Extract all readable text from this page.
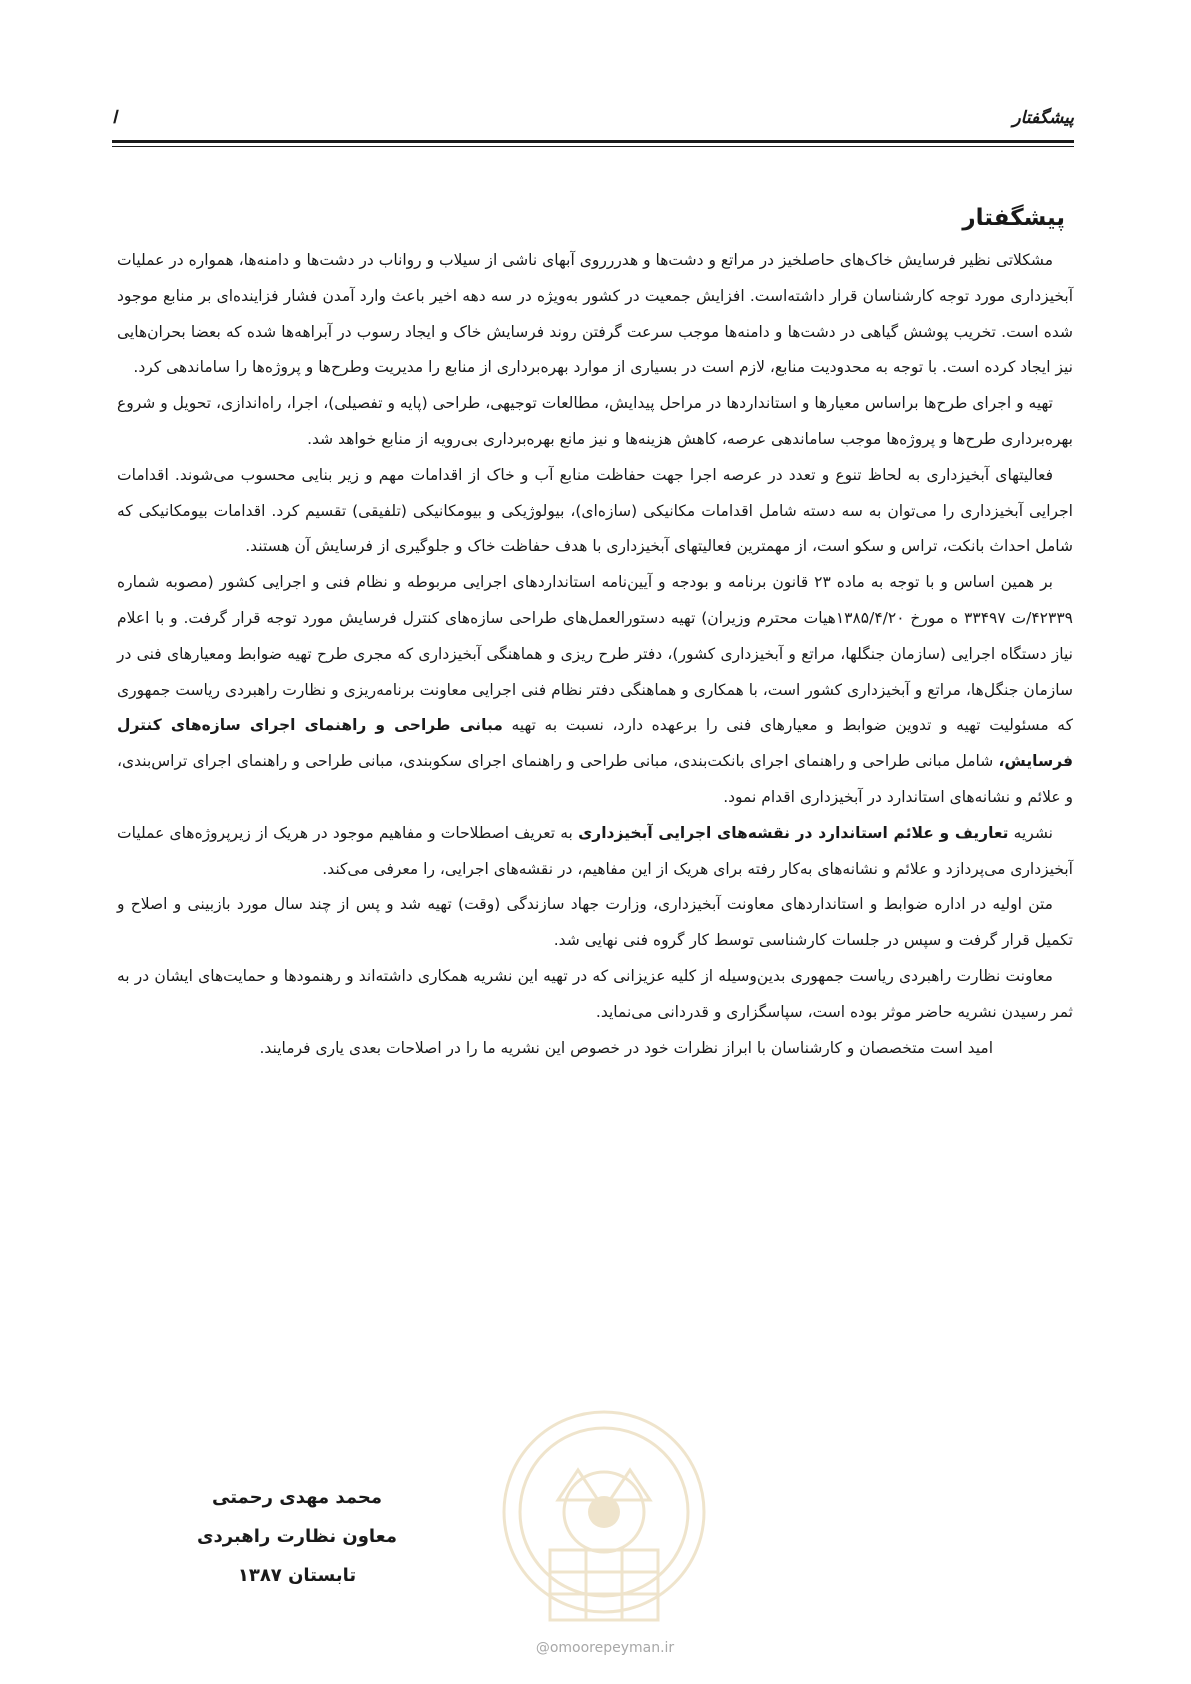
پیشگفتار
ا
پیشگفتار

مشکلاتی نظیر فرسایش خاک‌های حاصلخیز در مراتع و دشت‌ها و هدررروی آبهای ناشی از سیلاب و رواناب در دشت‌ها و دامنه‌ها، همواره در عملیات آبخیزداری مورد توجه کارشناسان قرار داشته‌است. افزایش جمعیت در کشور به‌ویژه در سه دهه اخیر باعث وارد آمدن فشار فزاینده‌ای بر منابع موجود شده است. تخریب پوشش گیاهی در دشت‌ها و دامنه‌ها موجب سرعت گرفتن روند فرسایش خاک و ایجاد رسوب در آبراهه‌ها شده که بعضا بحران‌هایی نیز ایجاد کرده است. با توجه به محدودیت منابع، لازم است در بسیاری از موارد بهره‌برداری از منابع را مدیریت وطرح‌ها و پروژه‌ها را ساماندهی کرد.

تهیه و اجرای طرح‌ها براساس معیارها و استانداردها در مراحل پیدایش، مطالعات توجیهی، طراحی (پایه و تفصیلی)، اجرا، راه‌اندازی، تحویل و شروع بهره‌برداری طرح‌ها و پروژه‌ها موجب ساماندهی عرصه، کاهش هزینه‌ها و نیز مانع بهره‌برداری بی‌رویه از منابع خواهد شد.

فعالیتهای آبخیزداری به لحاظ تنوع و تعدد در عرصه اجرا جهت حفاظت منابع آب و خاک از اقدامات مهم و زیر بنایی محسوب می‌شوند. اقدامات اجرایی آبخیزداری را می‌توان به سه دسته شامل اقدامات مکانیکی (سازه‌ای)، بیولوژیکی و بیومکانیکی (تلفیقی) تقسیم کرد. اقدامات بیومکانیکی که شامل احداث بانکت، تراس و سکو است، از مهمترین فعالیتهای آبخیزداری با هدف حفاظت خاک و جلوگیری از فرسایش آن هستند.

بر همین اساس و با توجه به ماده ۲۳ قانون برنامه و بودجه و آیین‌نامه استانداردهای اجرایی مربوطه و نظام فنی و اجرایی کشور (مصوبه شماره ۴۲۳۳۹/ت ۳۳۴۹۷ ه مورخ ۱۳۸۵/۴/۲۰هیات محترم وزیران) تهیه دستورالعمل‌های طراحی سازه‌های کنترل فرسایش مورد توجه قرار گرفت. و با اعلام نیاز دستگاه اجرایی (سازمان جنگلها، مراتع و آبخیزداری کشور)، دفتر طرح ریزی و هماهنگی آبخیزداری که مجری طرح تهیه ضوابط ومعیارهای فنی در سازمان جنگل‌ها، مراتع و آبخیزداری کشور است، با همکاری و هماهنگی دفتر نظام فنی اجرایی معاونت برنامه‌ریزی و نظارت راهبردی ریاست جمهوری که مسئولیت تهیه و تدوین ضوابط و معیارهای فنی را برعهده دارد، نسبت به تهیه مبانی طراحی و راهنمای اجرای سازه‌های کنترل فرسایش، شامل مبانی طراحی و راهنمای اجرای بانکت‌بندی، مبانی طراحی و راهنمای اجرای سکوبندی، مبانی طراحی و راهنمای اجرای تراس‌بندی، و علائم و نشانه‌های استاندارد در آبخیزداری اقدام نمود.

نشریه تعاریف و علائم استاندارد در نقشه‌های اجرایی آبخیزداری به تعریف اصطلاحات و مفاهیم موجود در هریک از زیرپروژه‌های عملیات آبخیزداری می‌پردازد و علائم و نشانه‌های به‌کار رفته برای هریک از این مفاهیم، در نقشه‌های اجرایی، را معرفی می‌کند.

متن اولیه در اداره ضوابط و استانداردهای معاونت آبخیزداری، وزارت جهاد سازندگی (وقت) تهیه شد و پس از چند سال مورد بازبینی و اصلاح و تکمیل قرار گرفت و سپس در جلسات کارشناسی توسط کار گروه فنی نهایی شد.

معاونت نظارت راهبردی ریاست جمهوری بدین‌وسیله از کلیه عزیزانی که در تهیه این نشریه همکاری داشته‌اند و رهنمودها و حمایت‌های ایشان در به ثمر رسیدن نشریه حاضر موثر بوده است، سپاسگزاری و قدردانی می‌نماید.

امید است متخصصان و کارشناسان با ابراز نظرات خود در خصوص این نشریه ما را در اصلاحات بعدی یاری فرمایند.

محمد مهدی رحمتی
معاون نظارت راهبردی
تابستان ۱۳۸۷
@omoorepeyman.ir
